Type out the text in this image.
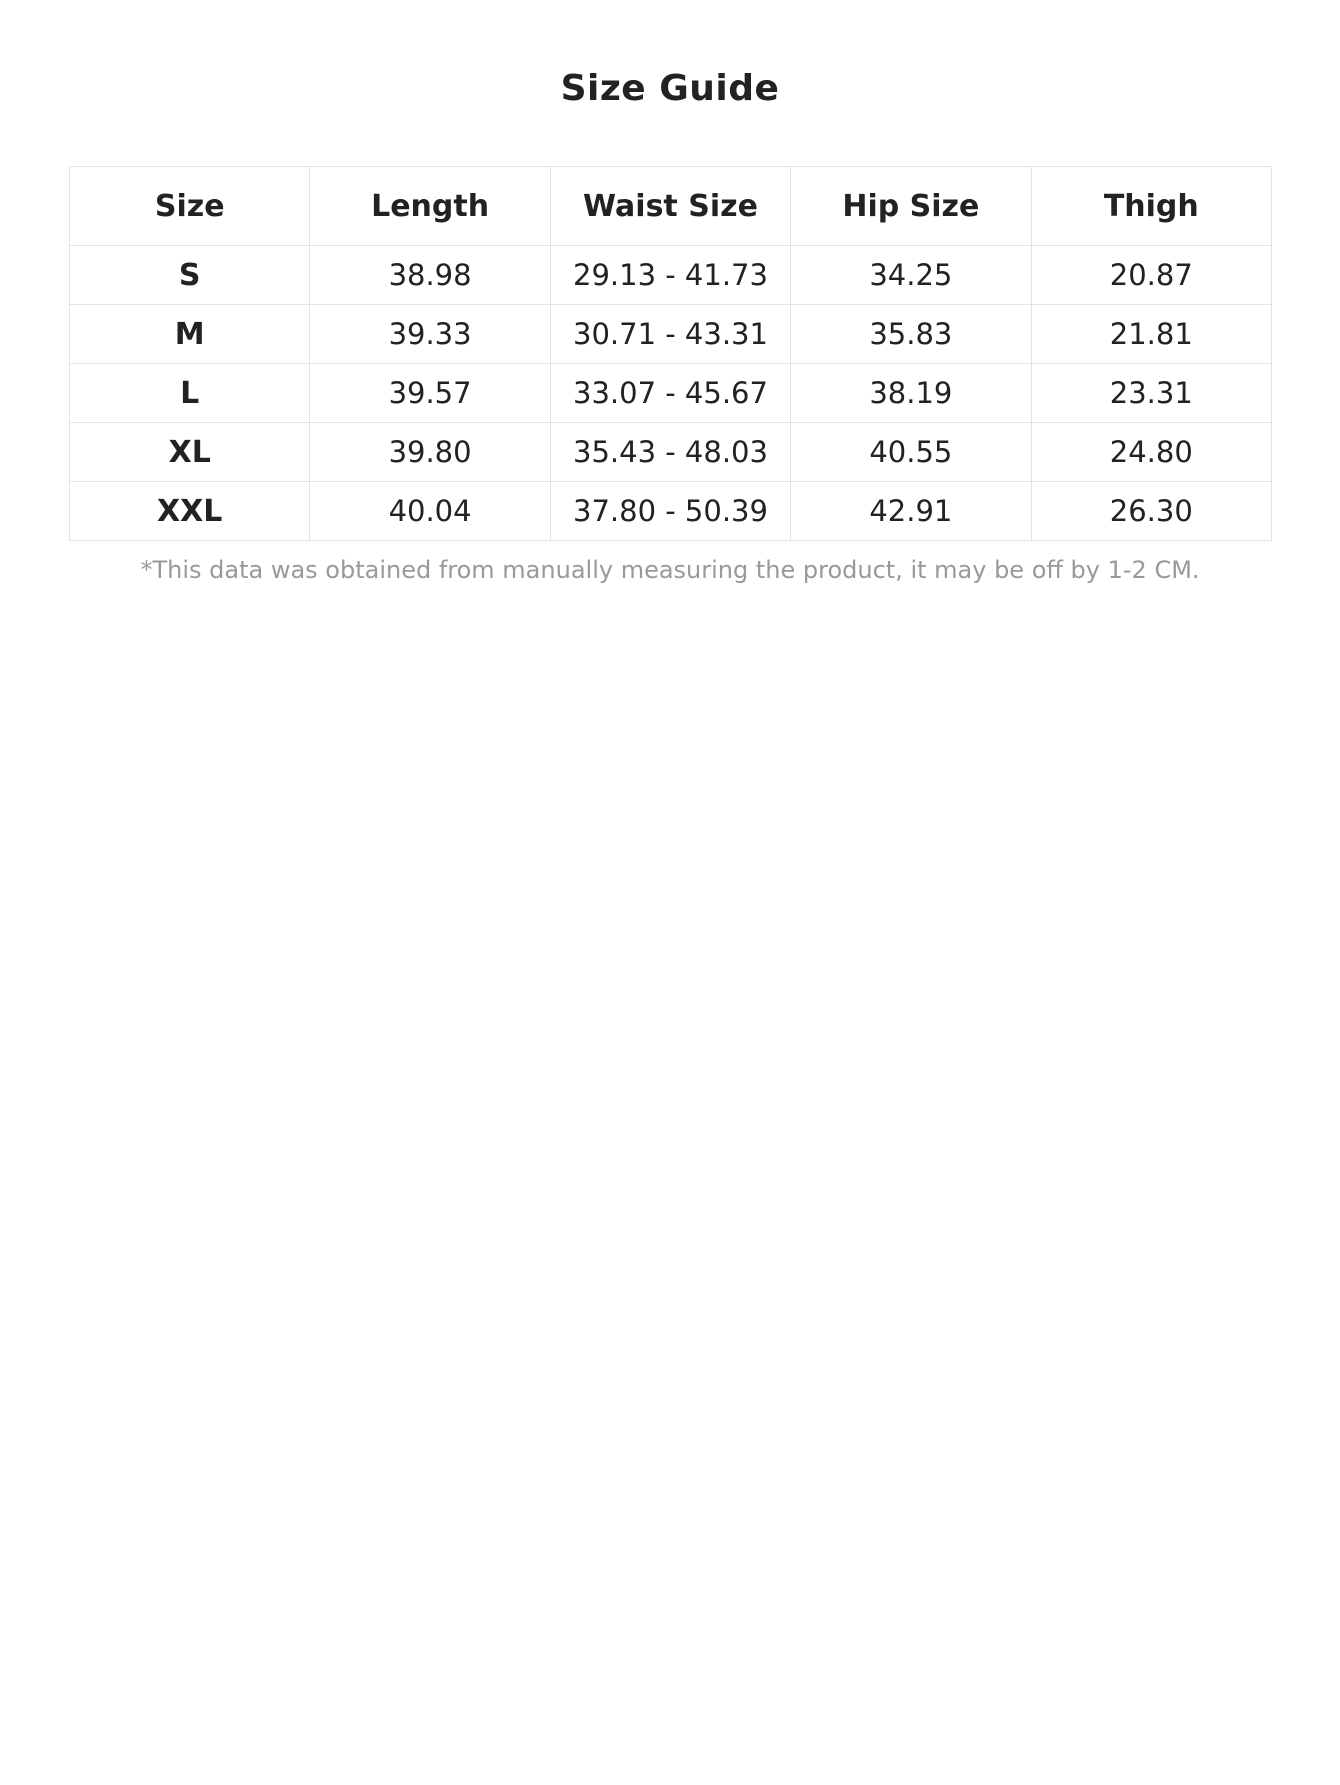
Size Guide
Size	Length	Waist Size	Hip Size	Thigh
S	38.98	29.13 - 41.73	34.25	20.87
M	39.33	30.71 - 43.31	35.83	21.81
L	39.57	33.07 - 45.67	38.19	23.31
XL	39.80	35.43 - 48.03	40.55	24.80
XXL	40.04	37.80 - 50.39	42.91	26.30

*This data was obtained from manually measuring the product, it may be off by 1-2 CM.
